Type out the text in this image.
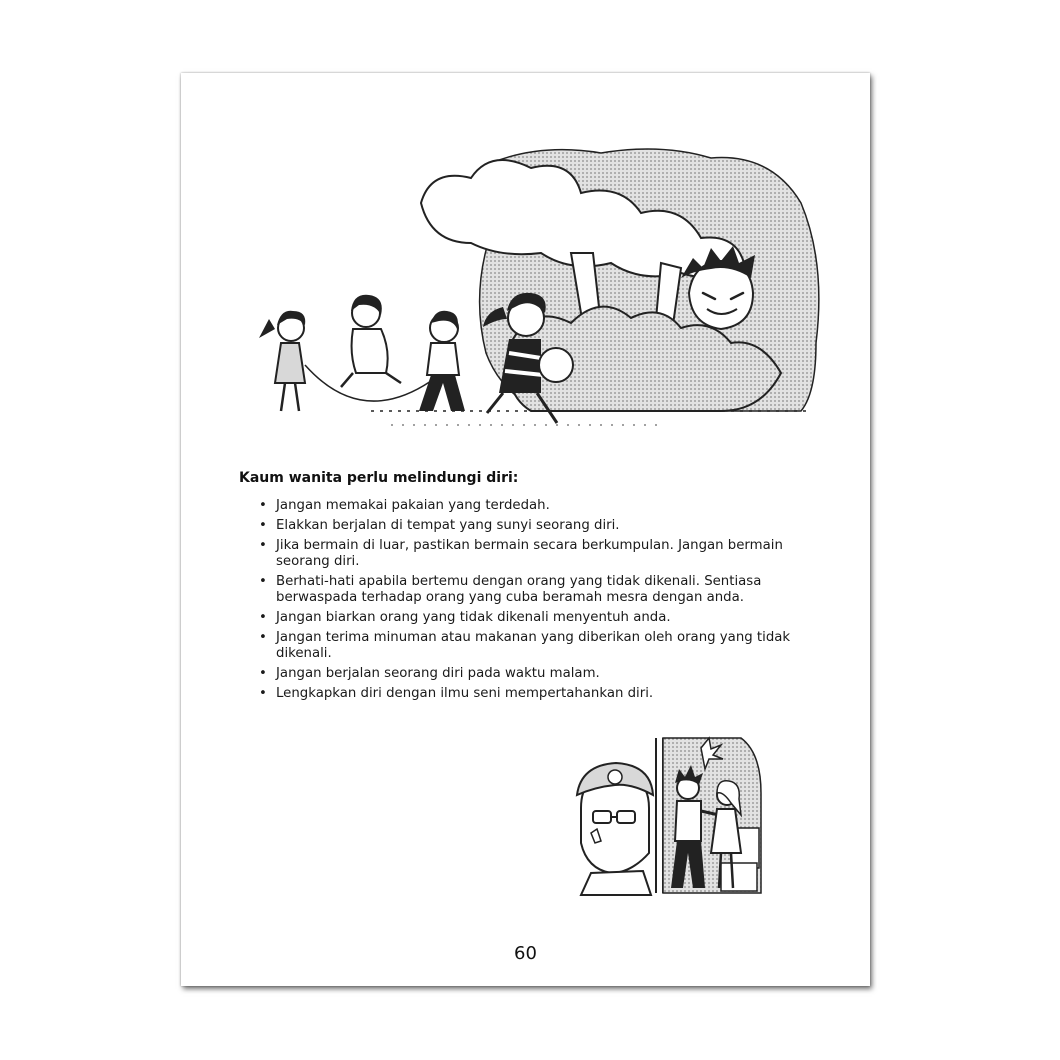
Kaum wanita perlu melindungi diri:
• Jangan memakai pakaian yang terdedah.
• Elakkan berjalan di tempat yang sunyi seorang diri.
• Jika bermain di luar, pastikan bermain secara berkumpulan. Jangan bermain seorang diri.
• Berhati-hati apabila bertemu dengan orang yang tidak dikenali. Sentiasa berwaspada terhadap orang yang cuba beramah mesra dengan anda.
• Jangan biarkan orang yang tidak dikenali menyentuh anda.
• Jangan terima minuman atau makanan yang diberikan oleh orang yang tidak dikenali.
• Jangan berjalan seorang diri pada waktu malam.
• Lengkapkan diri dengan ilmu seni mempertahankan diri.
60
